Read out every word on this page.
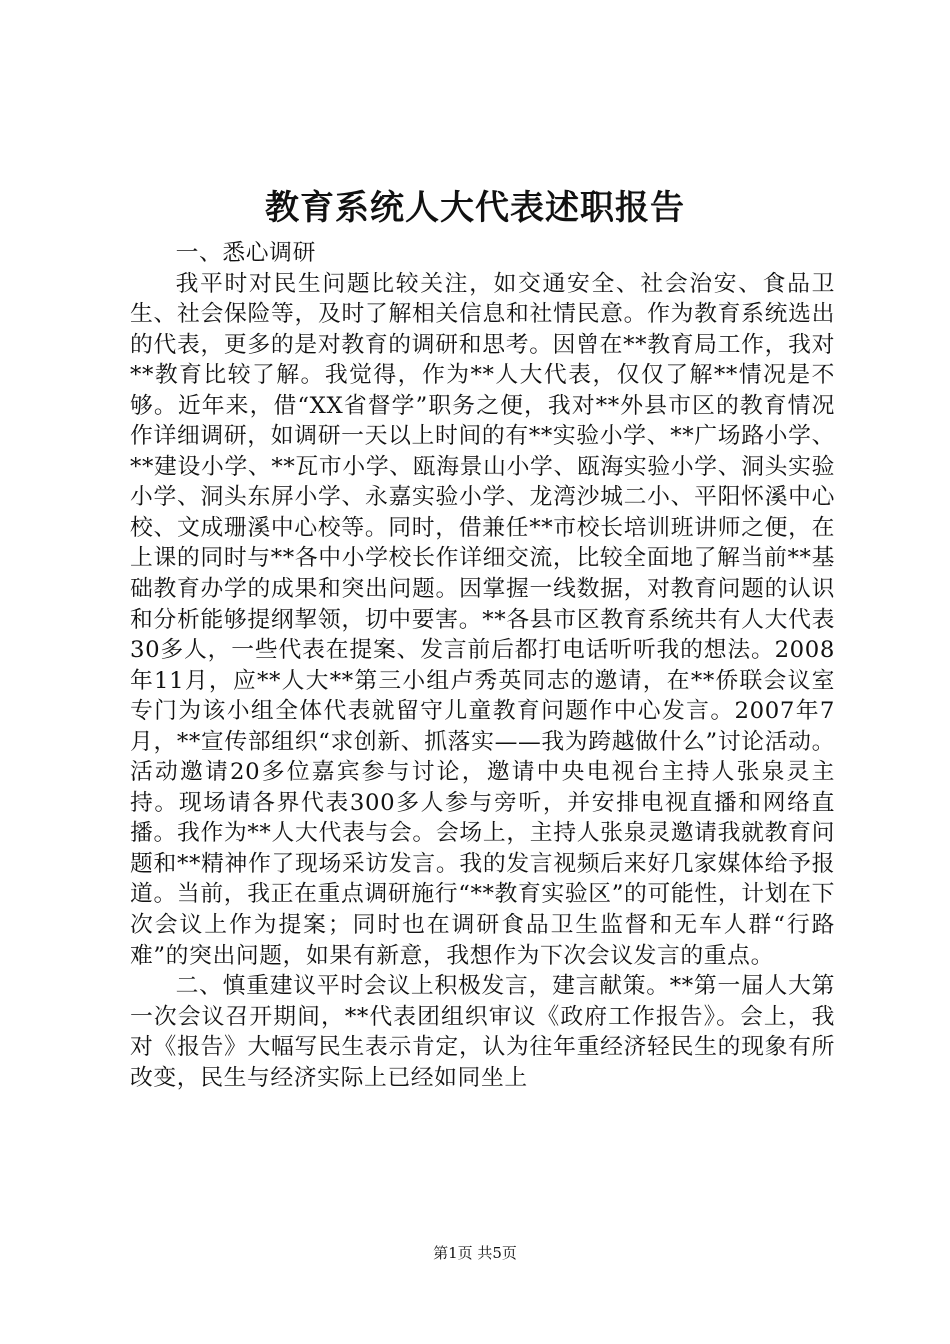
教育系统人大代表述职报告

一、悉心调研

我平时对民生问题比较关注，如交通安全、社会治安、食品卫生、社会保险等，及时了解相关信息和社情民意。作为教育系统选出的代表，更多的是对教育的调研和思考。因曾在**教育局工作，我对**教育比较了解。我觉得，作为**人大代表，仅仅了解**情况是不够。近年来，借“XX省督学”职务之便，我对**外县市区的教育情况作详细调研，如调研一天以上时间的有**实验小学、**广场路小学、**建设小学、**瓦市小学、瓯海景山小学、瓯海实验小学、洞头实验小学、洞头东屏小学、永嘉实验小学、龙湾沙城二小、平阳怀溪中心校、文成珊溪中心校等。同时，借兼任**市校长培训班讲师之便，在上课的同时与**各中小学校长作详细交流，比较全面地了解当前**基础教育办学的成果和突出问题。因掌握一线数据，对教育问题的认识和分析能够提纲挈领，切中要害。**各县市区教育系统共有人大代表30多人，一些代表在提案、发言前后都打电话听听我的想法。2008年11月，应**人大**第三小组卢秀英同志的邀请，在**侨联会议室专门为该小组全体代表就留守儿童教育问题作中心发言。2007年7月，**宣传部组织“求创新、抓落实——我为跨越做什么”讨论活动。活动邀请20多位嘉宾参与讨论，邀请中央电视台主持人张泉灵主持。现场请各界代表300多人参与旁听，并安排电视直播和网络直播。我作为**人大代表与会。会场上，主持人张泉灵邀请我就教育问题和**精神作了现场采访发言。我的发言视频后来好几家媒体给予报道。当前，我正在重点调研施行“**教育实验区”的可能性，计划在下次会议上作为提案；同时也在调研食品卫生监督和无车人群“行路难”的突出问题，如果有新意，我想作为下次会议发言的重点。

二、慎重建议平时会议上积极发言，建言献策。**第一届人大第一次会议召开期间，**代表团组织审议《政府工作报告》。会上，我对《报告》大幅写民生表示肯定，认为往年重经济轻民生的现象有所改变，民生与经济实际上已经如同坐上

第1页 共5页
